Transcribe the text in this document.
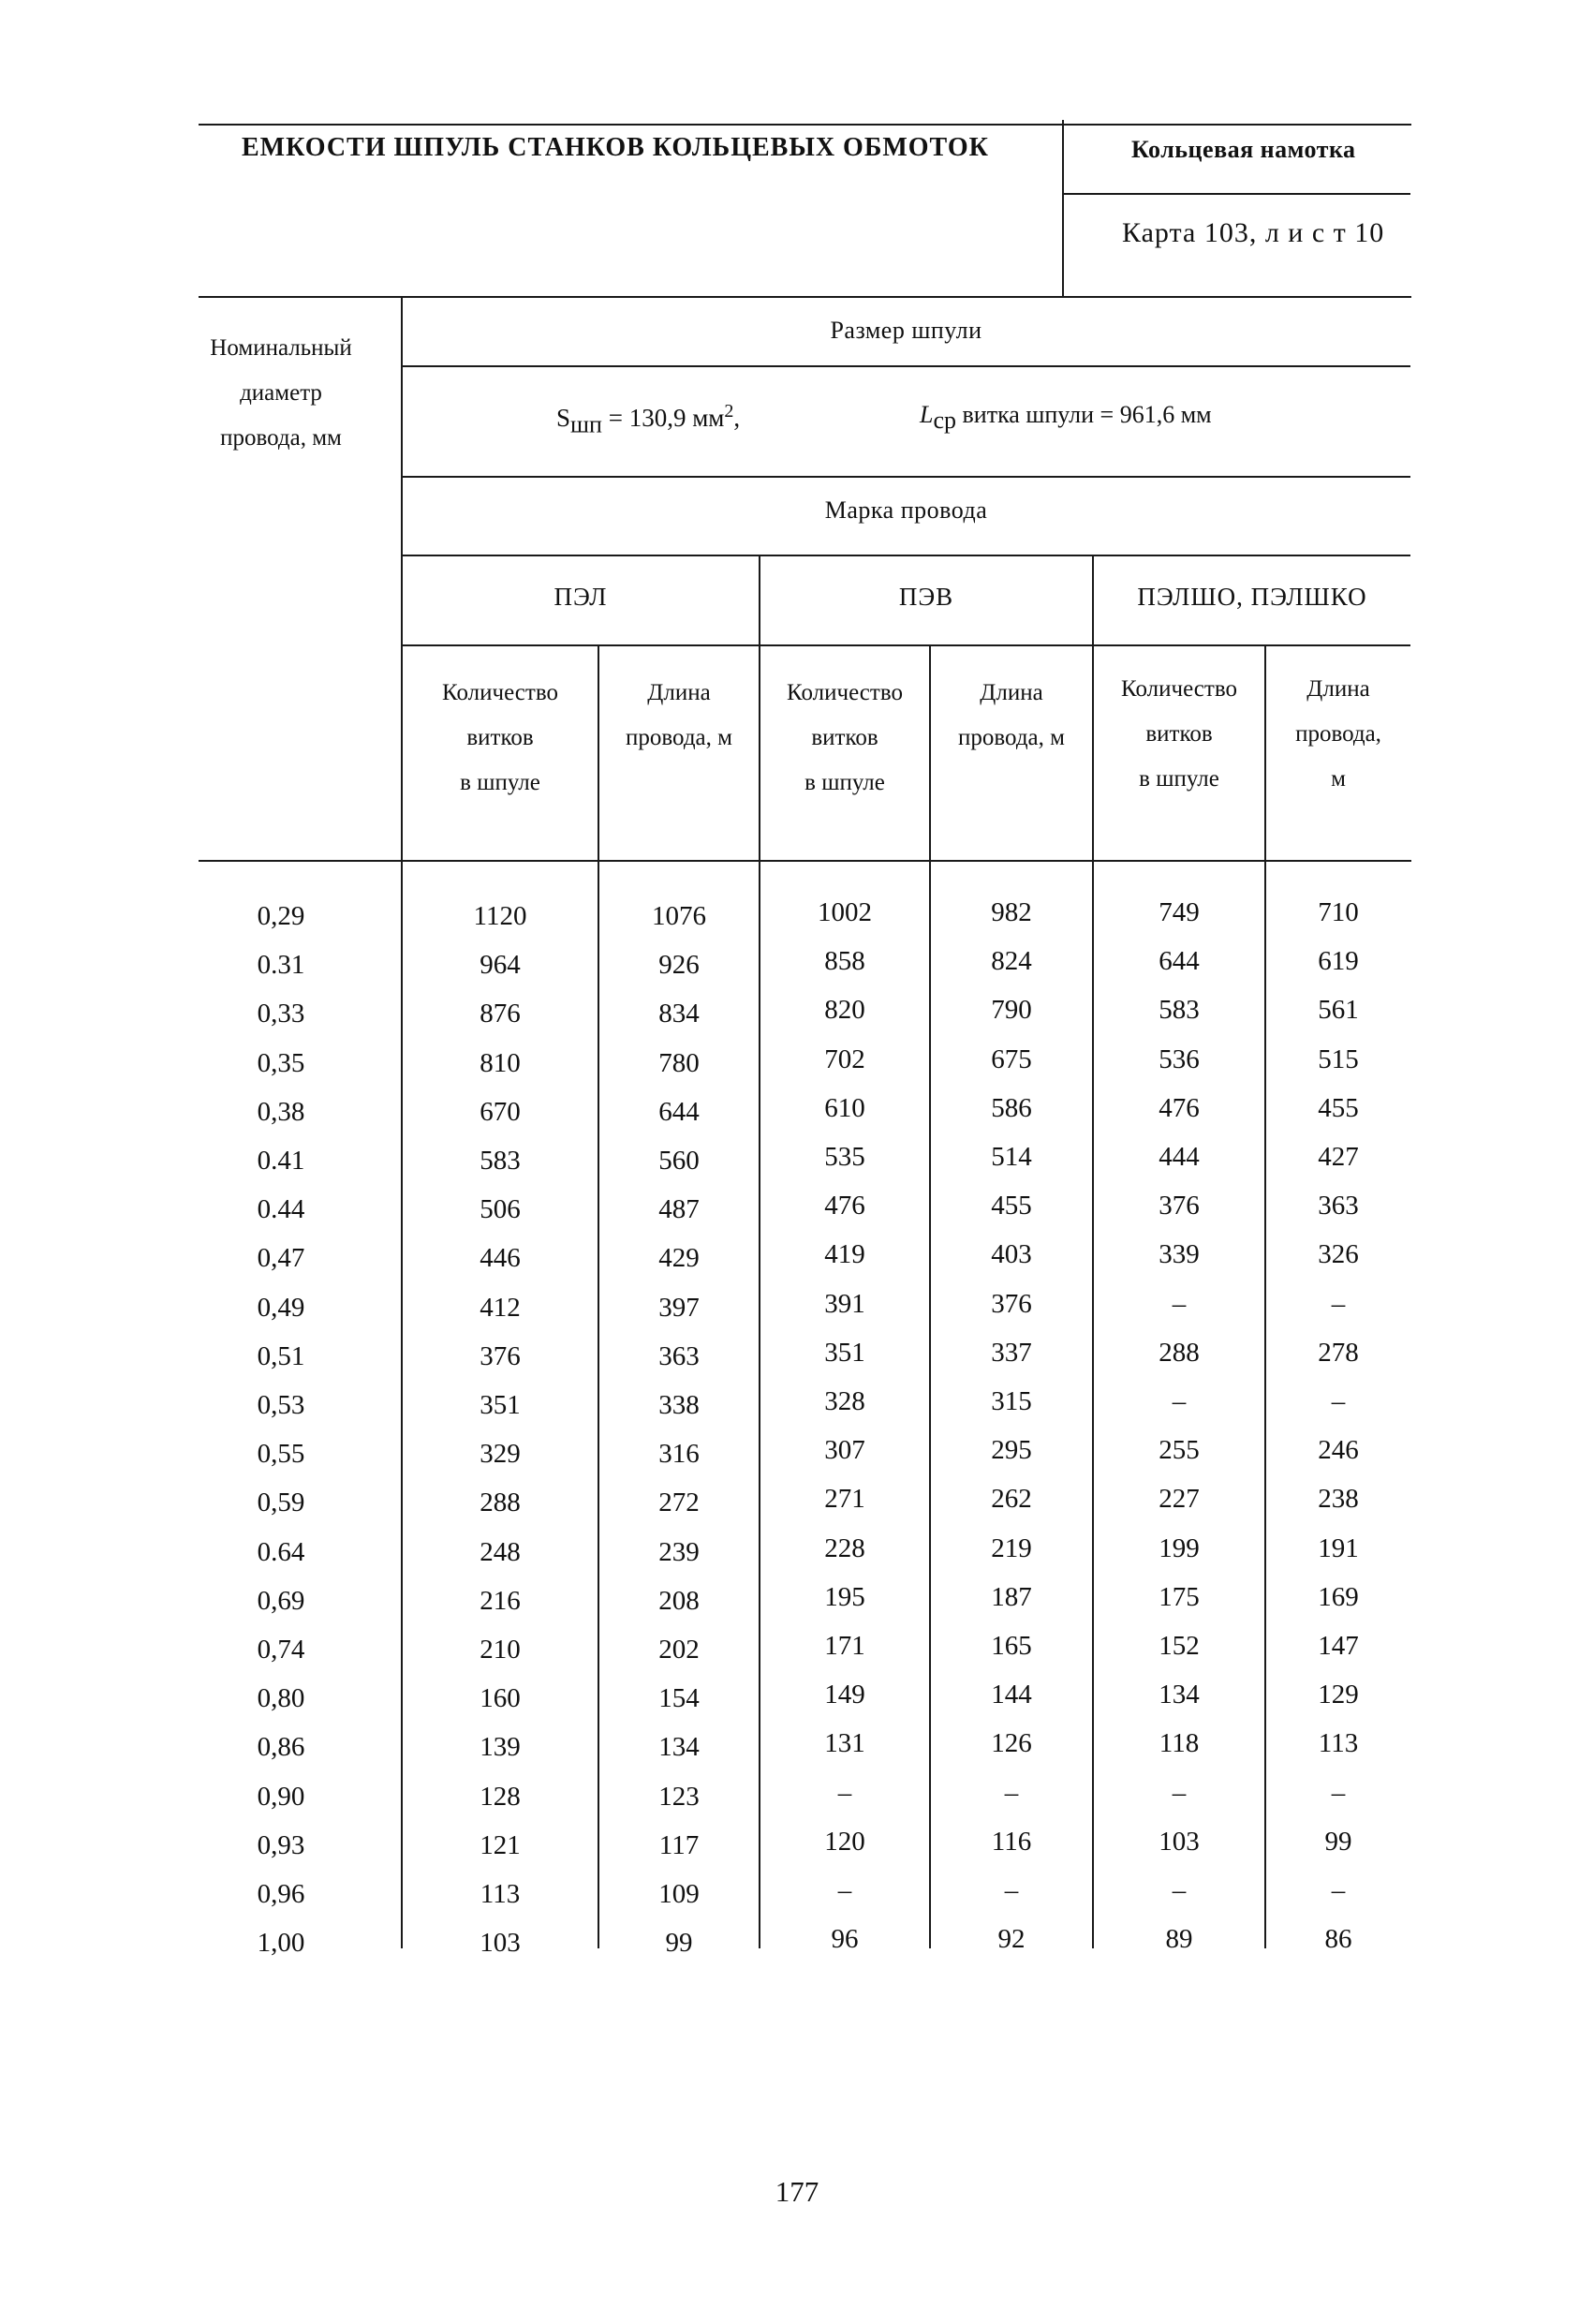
ЕМКОСТИ ШПУЛЬ СТАНКОВ КОЛЬЦЕВЫХ ОБМОТОК	Кольцевая намотка
Карта 103, л и с т 10
Номинальный
диаметр
провода, мм
Размер шпули
$S_{шп} = 130,9$ $мм^2$,	$L_{ср}$ витка шпули = 961,6 мм
Марка провода
ПЭЛ	ПЭВ	ПЭЛШО, ПЭЛШКО
Количество
витков
в шпуле
Длина
провода, м
Количество
витков
в шпуле
Длина
провода, м
Количество
витков
в шпуле
Длина
провода,
м
0,29	1120	1076	1002	982	749	710
0.31	964	926	858	824	644	619
0,33	876	834	820	790	583	561
0,35	810	780	702	675	536	515
0,38	670	644	610	586	476	455
0.41	583	560	535	514	444	427
0.44	506	487	476	455	376	363
0,47	446	429	419	403	339	326
0,49	412	397	391	376	–	–
0,51	376	363	351	337	288	278
0,53	351	338	328	315	–	–
0,55	329	316	307	295	255	246
0,59	288	272	271	262	227	238
0.64	248	239	228	219	199	191
0,69	216	208	195	187	175	169
0,74	210	202	171	165	152	147
0,80	160	154	149	144	134	129
0,86	139	134	131	126	118	113
0,90	128	123	–	–	–	–
0,93	121	117	120	116	103	99
0,96	113	109	–	–	–	–
1,00	103	99	96	92	89	86
177
